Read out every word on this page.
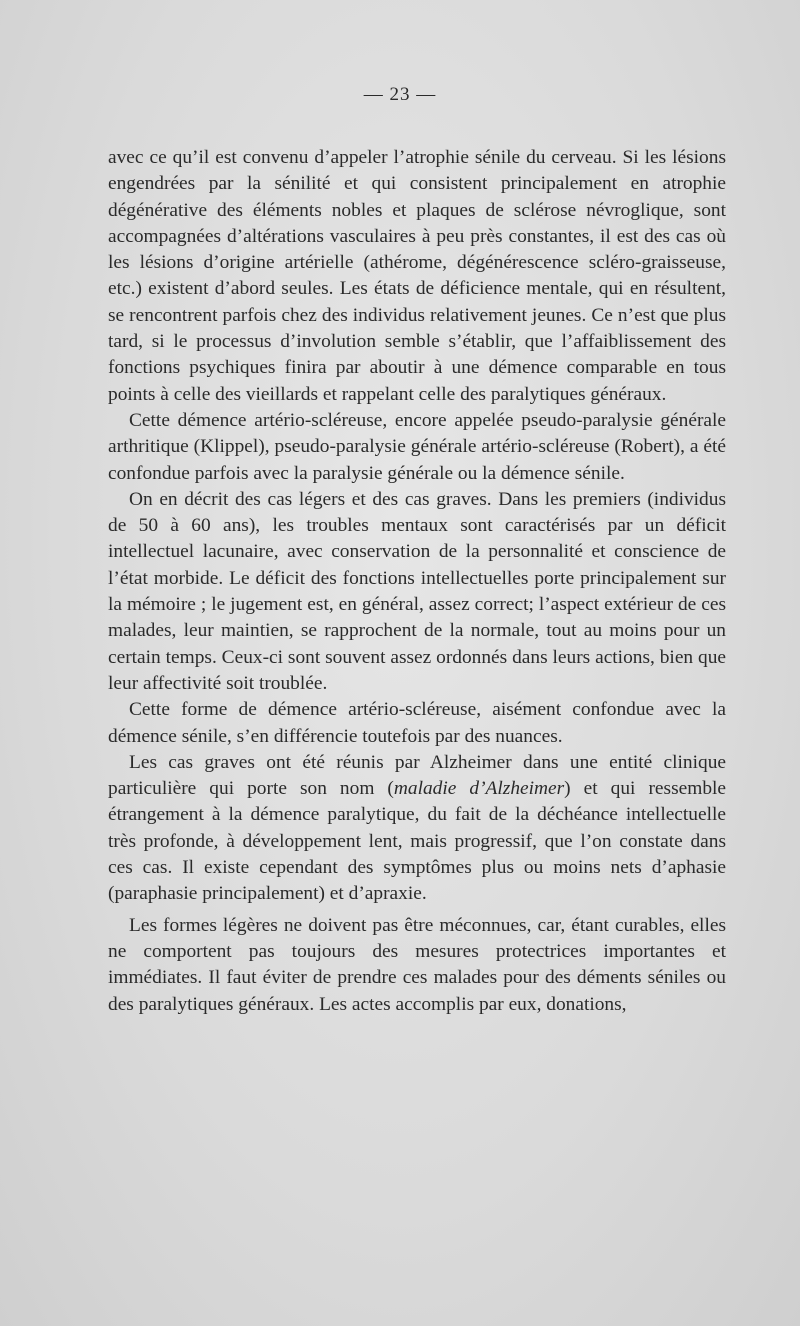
— 23 —

avec ce qu’il est convenu d’appeler l’atrophie sénile du cerveau. Si les lésions engendrées par la sénilité et qui consistent principalement en atrophie dégénérative des éléments nobles et plaques de sclérose névroglique, sont accompagnées d’altérations vasculaires à peu près constantes, il est des cas où les lésions d’origine artérielle (athérome, dégénérescence scléro-graisseuse, etc.) existent d’abord seules. Les états de déficience mentale, qui en résultent, se rencontrent parfois chez des individus relativement jeunes. Ce n’est que plus tard, si le processus d’involution semble s’établir, que l’affaiblissement des fonctions psychiques finira par aboutir à une démence comparable en tous points à celle des vieillards et rappelant celle des paralytiques généraux.

Cette démence artério-scléreuse, encore appelée pseudo-paralysie générale arthritique (Klippel), pseudo-paralysie générale artério-scléreuse (Robert), a été confondue parfois avec la paralysie générale ou la démence sénile.

On en décrit des cas légers et des cas graves. Dans les premiers (individus de 50 à 60 ans), les troubles mentaux sont caractérisés par un déficit intellectuel lacunaire, avec conservation de la personnalité et conscience de l’état morbide. Le déficit des fonctions intellectuelles porte principalement sur la mémoire ; le jugement est, en général, assez correct; l’aspect extérieur de ces malades, leur maintien, se rapprochent de la normale, tout au moins pour un certain temps. Ceux-ci sont souvent assez ordonnés dans leurs actions, bien que leur affectivité soit troublée.

Cette forme de démence artério-scléreuse, aisément confondue avec la démence sénile, s’en différencie toutefois par des nuances.

Les cas graves ont été réunis par Alzheimer dans une entité clinique particulière qui porte son nom (maladie d’Alzheimer) et qui ressemble étrangement à la démence paralytique, du fait de la déchéance intellectuelle très profonde, à développement lent, mais progressif, que l’on constate dans ces cas. Il existe cependant des symptômes plus ou moins nets d’aphasie (paraphasie principalement) et d’apraxie.

Les formes légères ne doivent pas être méconnues, car, étant curables, elles ne comportent pas toujours des mesures protectrices importantes et immédiates. Il faut éviter de prendre ces malades pour des déments séniles ou des paralytiques généraux. Les actes accomplis par eux, donations,
